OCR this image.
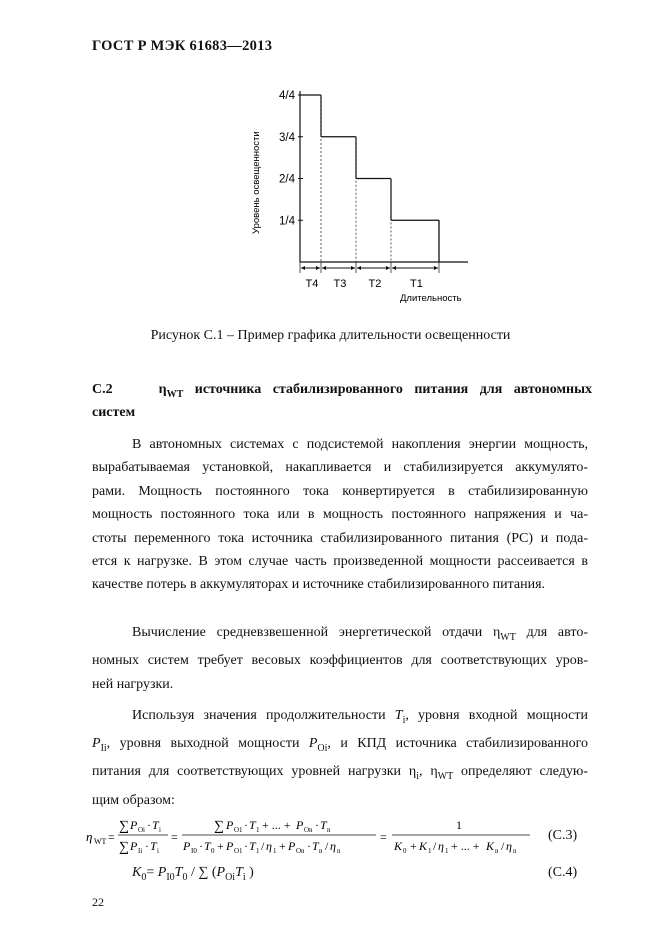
ГОСТ Р МЭК 61683—2013
4/4
3/4
2/4
1/4
Уровень освещенности
T4 T3 T2	T1
Длительность
Рисунок С.1 – Пример графика длительности освещенности
С.2	$\eta_{WT}$ источника стабилизированного питания для автономных
систем
В автономных системах с подсистемой накопления энергии мощность,
вырабатываемая установкой, накапливается и стабилизируется аккумулято-
рами. Мощность постоянного тока конвертируется в стабилизированную
мощность постоянного тока или в мощность постоянного напряжения и ча-
стоты переменного тока источника стабилизированного питания (PC) и пода-
ется к нагрузке. В этом случае часть произведенной мощности рассеивается в
качестве потерь в аккумуляторах и источнике стабилизированного питания.
Вычисление средневзвешенной энергетической отдачи $\eta_{WT}$ для авто-
номных систем требует весовых коэффициентов для соответствующих уров-
ней нагрузки.
Используя значения продолжительности $T_i$, уровня входной мощности
$P_{Ii}$, уровня выходной мощности $P_{Oi}$, и КПД источника стабилизированного
питания для соответствующих уровней нагрузки $\eta_i$, $\eta_{WT}$ определяют следую-
щим образом:
η WT =
∑ P Oi · T i
∑ P Ii · T i
=
∑ P O1 · T 1 + ... + P On · T n
P I0 · T 0 + P O1 · T 1 / η 1 + P On · T n / η n
=
1
K 0 + K 1 / η 1 + ... + K n / η n
(С.3)
$K_0= P_{I0}T_0$ / ∑ ($P_{Oi}T_i$ )	(С.4)
22
